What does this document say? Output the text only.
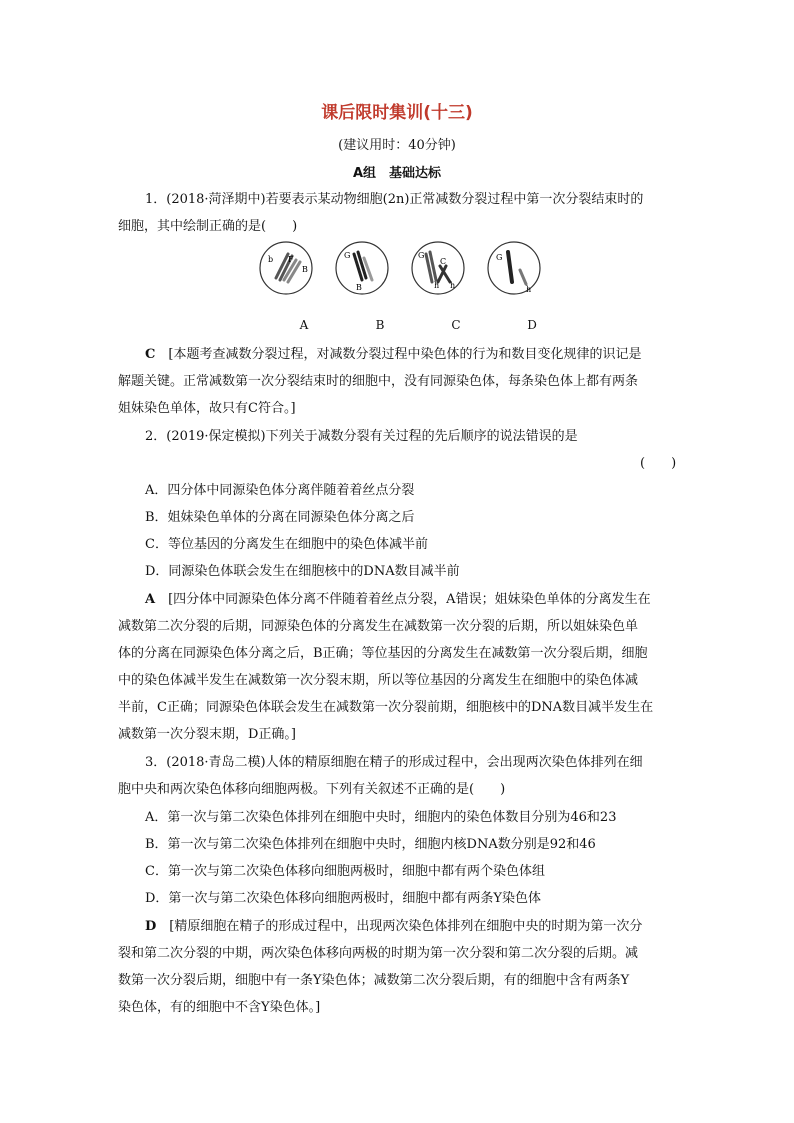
课后限时集训(十三)
(建议用时：40分钟)
A组　基础达标
1．(2018·菏泽期中)若要表示某动物细胞(2n)正常减数分裂过程中第一次分裂结束时的
细胞，其中绘制正确的是(　　)
b F
B
G
B
G
C
h h
G
h
A	B	C	D
C　 [本题考查减数分裂过程，对减数分裂过程中染色体的行为和数目变化规律的识记是
解题关键。正常减数第一次分裂结束时的细胞中，没有同源染色体，每条染色体上都有两条
姐妹染色单体，故只有C符合。]
2．(2019·保定模拟)下列关于减数分裂有关过程的先后顺序的说法错误的是
(　　)
A．四分体中同源染色体分离伴随着着丝点分裂
B．姐妹染色单体的分离在同源染色体分离之后
C．等位基因的分离发生在细胞中的染色体减半前
D．同源染色体联会发生在细胞核中的DNA数目减半前
A　 [四分体中同源染色体分离不伴随着着丝点分裂，A错误；姐妹染色单体的分离发生在
减数第二次分裂的后期，同源染色体的分离发生在减数第一次分裂的后期，所以姐妹染色单
体的分离在同源染色体分离之后，B正确；等位基因的分离发生在减数第一次分裂后期，细胞
中的染色体减半发生在减数第一次分裂末期，所以等位基因的分离发生在细胞中的染色体减
半前，C正确；同源染色体联会发生在减数第一次分裂前期，细胞核中的DNA数目减半发生在
减数第一次分裂末期，D正确。]
3．(2018·青岛二模)人体的精原细胞在精子的形成过程中，会出现两次染色体排列在细
胞中央和两次染色体移向细胞两极。下列有关叙述不正确的是(　　)
A．第一次与第二次染色体排列在细胞中央时，细胞内的染色体数目分别为46和23
B．第一次与第二次染色体排列在细胞中央时，细胞内核DNA数分别是92和46
C．第一次与第二次染色体移向细胞两极时，细胞中都有两个染色体组
D．第一次与第二次染色体移向细胞两极时，细胞中都有两条Y染色体
D　 [精原细胞在精子的形成过程中，出现两次染色体排列在细胞中央的时期为第一次分
裂和第二次分裂的中期，两次染色体移向两极的时期为第一次分裂和第二次分裂的后期。减
数第一次分裂后期，细胞中有一条Y染色体；减数第二次分裂后期，有的细胞中含有两条Y
染色体，有的细胞中不含Y染色体。]
